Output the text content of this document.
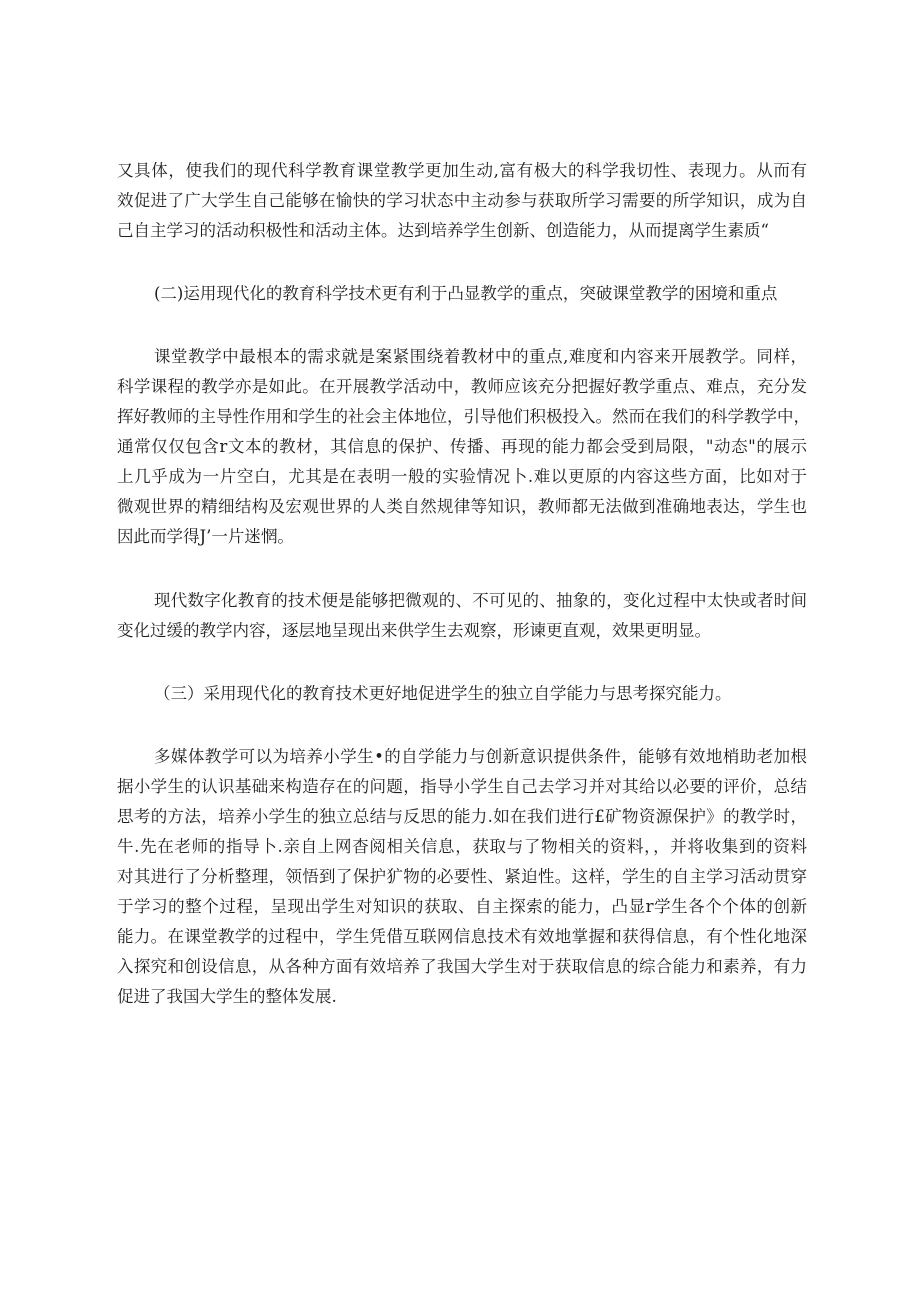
又具体，使我们的现代科学教育课堂教学更加生动,富有极大的科学我切性、表现力。从而有
效促进了广大学生自己能够在愉快的学习状态中主动参与获取所学习需要的所学知识，成为自
己自主学习的活动积极性和活动主体。达到培养学生创新、创造能力，从而提离学生素质“

(二)运用现代化的教育科学技术更有利于凸显教学的重点，突破课堂教学的困境和重点

课堂教学中最根本的需求就是案紧围绕着教材中的重点,难度和内容来开展教学。同样，
科学课程的教学亦是如此。在开展教学活动中，教师应该充分把握好教学重点、难点，充分发
挥好教师的主导性作用和学生的社会主体地位，引导他们积极投入。然而在我们的科学教学中，
通常仅仅包含r文本的教材，其信息的保护、传播、再现的能力都会受到局限，"动态"的展示
上几乎成为一片空白，尤其是在表明一般的实验情况卜.难以更原的内容这些方面，比如对于
微观世界的精细结构及宏观世界的人类自然规律等知识，教师都无法做到准确地表达，学生也
因此而学得J’一片迷惘。

现代数字化教育的技术便是能够把微观的、不可见的、抽象的，变化过程中太快或者时间
变化过缓的教学内容，逐层地呈现出来供学生去观察，形谏更直观，效果更明显。

（三）采用现代化的教育技术更好地促进学生的独立自学能力与思考探究能力。

多媒体教学可以为培养小学生•的自学能力与创新意识提供条件，能够有效地梢助老加根
据小学生的认识基础来构造存在的问题，指导小学生自己去学习并对其给以必要的评价，总结
思考的方法，培养小学生的独立总结与反思的能力.如在我们进行£矿物资源保护》的教学时，
牛.先在老师的指导卜.亲自上网杳阅相关信息，获取与了物相关的资料，，并将收集到的资料
对其进行了分析整理，领悟到了保护犷物的必要性、紧迫性。这样，学生的自主学习活动贯穿
于学习的整个过程，呈现出学生对知识的获取、自主探索的能力，凸显r学生各个个体的创新
能力。在课堂教学的过程中，学生凭借互联网信息技术有效地掌握和获得信息，有个性化地深
入探究和创设信息，从各种方面有效培养了我国大学生对于获取信息的综合能力和素养，有力
促进了我国大学生的整体发展.
